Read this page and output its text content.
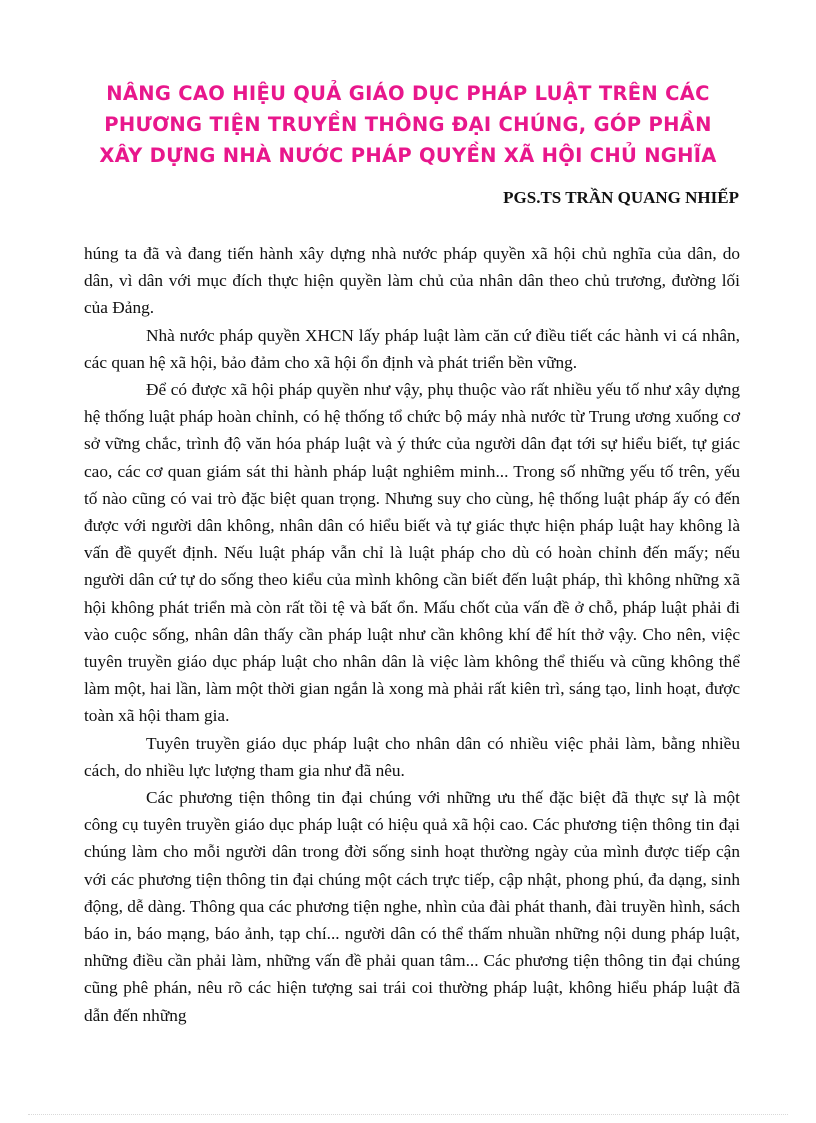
NÂNG CAO HIỆU QUẢ GIÁO DỤC PHÁP LUẬT TRÊN CÁC
PHƯƠNG TIỆN TRUYỀN THÔNG ĐẠI CHÚNG, GÓP PHẦN
XÂY DỰNG NHÀ NƯỚC PHÁP QUYỀN XÃ HỘI CHỦ NGHĨA
PGS.TS TRẦN QUANG NHIẾP

húng ta đã và đang tiến hành xây dựng nhà nước pháp quyền xã hội chủ nghĩa của dân, do dân, vì dân với mục đích thực hiện quyền làm chủ của nhân dân theo chủ trương, đường lối của Đảng.

Nhà nước pháp quyền XHCN lấy pháp luật làm căn cứ điều tiết các hành vi cá nhân, các quan hệ xã hội, bảo đảm cho xã hội ổn định và phát triển bền vững.

Để có được xã hội pháp quyền như vậy, phụ thuộc vào rất nhiều yếu tố như xây dựng hệ thống luật pháp hoàn chỉnh, có hệ thống tổ chức bộ máy nhà nước từ Trung ương xuống cơ sở vững chắc, trình độ văn hóa pháp luật và ý thức của người dân đạt tới sự hiểu biết, tự giác cao, các cơ quan giám sát thi hành pháp luật nghiêm minh... Trong số những yếu tố trên, yếu tố nào cũng có vai trò đặc biệt quan trọng. Nhưng suy cho cùng, hệ thống luật pháp ấy có đến được với người dân không, nhân dân có hiểu biết và tự giác thực hiện pháp luật hay không là vấn đề quyết định. Nếu luật pháp vẫn chỉ là luật pháp cho dù có hoàn chỉnh đến mấy; nếu người dân cứ tự do sống theo kiểu của mình không cần biết đến luật pháp, thì không những xã hội không phát triển mà còn rất tồi tệ và bất ổn. Mấu chốt của vấn đề ở chỗ, pháp luật phải đi vào cuộc sống, nhân dân thấy cần pháp luật như cần không khí để hít thở vậy. Cho nên, việc tuyên truyền giáo dục pháp luật cho nhân dân là việc làm không thể thiếu và cũng không thể làm một, hai lần, làm một thời gian ngắn là xong mà phải rất kiên trì, sáng tạo, linh hoạt, được toàn xã hội tham gia.

Tuyên truyền giáo dục pháp luật cho nhân dân có nhiều việc phải làm, bằng nhiều cách, do nhiều lực lượng tham gia như đã nêu.

Các phương tiện thông tin đại chúng với những ưu thế đặc biệt đã thực sự là một công cụ tuyên truyền giáo dục pháp luật có hiệu quả xã hội cao. Các phương tiện thông tin đại chúng làm cho mỗi người dân trong đời sống sinh hoạt thường ngày của mình được tiếp cận với các phương tiện thông tin đại chúng một cách trực tiếp, cập nhật, phong phú, đa dạng, sinh động, dễ dàng. Thông qua các phương tiện nghe, nhìn của đài phát thanh, đài truyền hình, sách báo in, báo mạng, báo ảnh, tạp chí... người dân có thể thấm nhuần những nội dung pháp luật, những điều cần phải làm, những vấn đề phải quan tâm... Các phương tiện thông tin đại chúng cũng phê phán, nêu rõ các hiện tượng sai trái coi thường pháp luật, không hiểu pháp luật đã dẫn đến những
